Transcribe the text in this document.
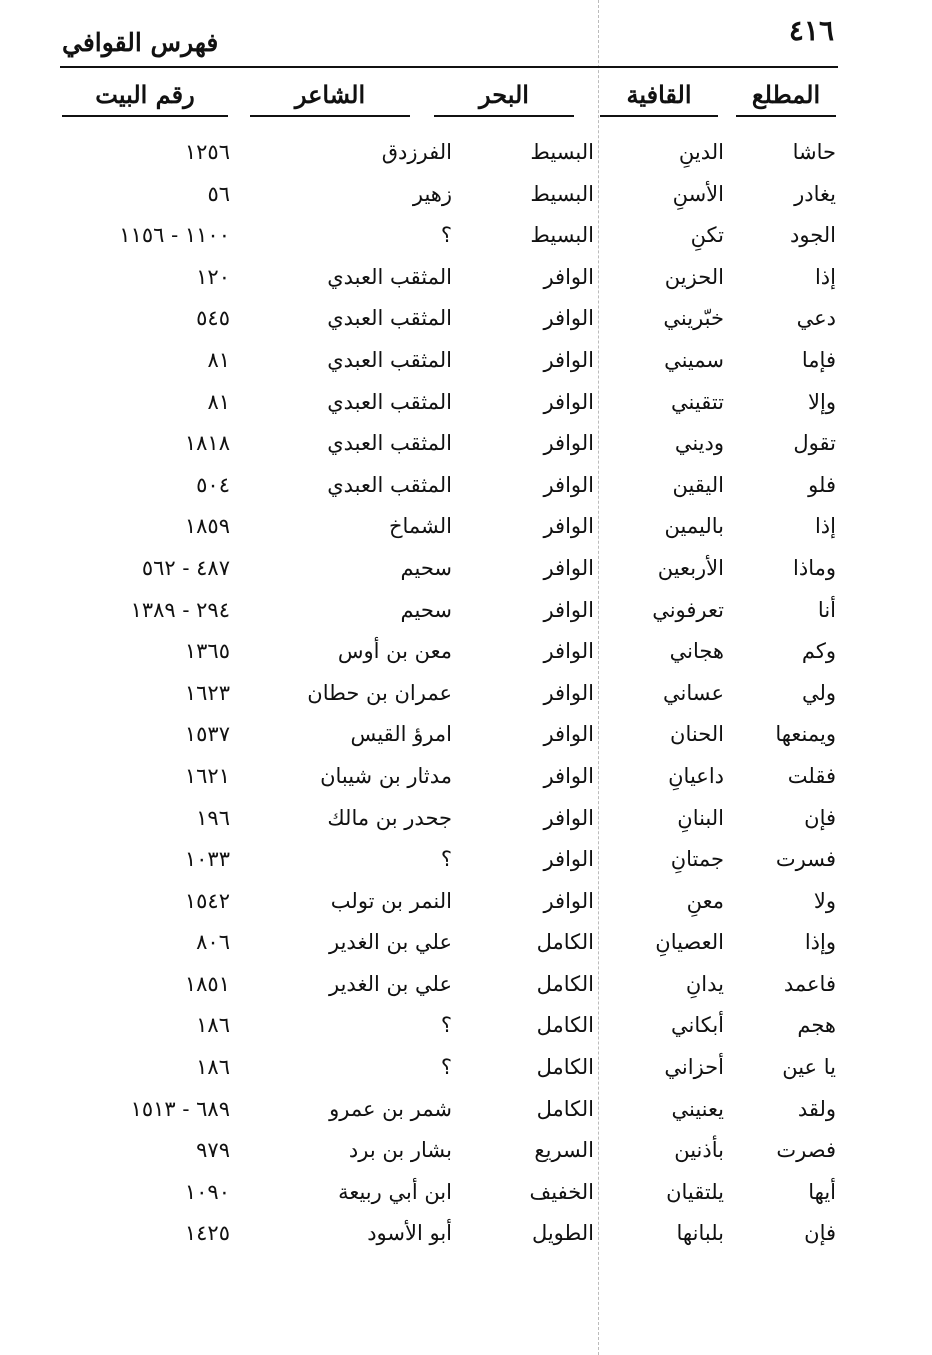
٤١٦
فهرس القوافي
المطلع
القافية
البحر
الشاعر
رقم البيت
حاشا
الدينِ
البسيط
الفرزدق
١٢٥٦
يغادر
الأسنِ
البسيط
زهير
٥٦
الجود
تكنِ
البسيط
؟
١١٠٠ - ١١٥٦
إذا
الحزين
الوافر
المثقب العبدي
١٢٠
دعي
خبّريني
الوافر
المثقب العبدي
٥٤٥
فإما
سميني
الوافر
المثقب العبدي
٨١
وإلا
تتقيني
الوافر
المثقب العبدي
٨١
تقول
وديني
الوافر
المثقب العبدي
١٨١٨
فلو
اليقين
الوافر
المثقب العبدي
٥٠٤
إذا
باليمين
الوافر
الشماخ
١٨٥٩
وماذا
الأربعين
الوافر
سحيم
٤٨٧ - ٥٦٢
أنا
تعرفوني
الوافر
سحيم
٢٩٤ - ١٣٨٩
وكم
هجاني
الوافر
معن بن أوس
١٣٦٥
ولي
عساني
الوافر
عمران بن حطان
١٦٢٣
ويمنعها
الحنان
الوافر
امرؤ القيس
١٥٣٧
فقلت
داعيانِ
الوافر
مدثار بن شيبان
١٦٢١
فإن
البنانِ
الوافر
جحدر بن مالك
١٩٦
فسرت
جمتانِ
الوافر
؟
١٠٣٣
ولا
معنِ
الوافر
النمر بن تولب
١٥٤٢
وإذا
العصيانِ
الكامل
علي بن الغدير
٨٠٦
فاعمد
يدانِ
الكامل
علي بن الغدير
١٨٥١
هجم
أبكاني
الكامل
؟
١٨٦
يا عين
أحزاني
الكامل
؟
١٨٦
ولقد
يعنيني
الكامل
شمر بن عمرو
٦٨٩ - ١٥١٣
فصرت
بأذنين
السريع
بشار بن برد
٩٧٩
أيها
يلتقيان
الخفيف
ابن أبي ربيعة
١٠٩٠
فإن
بلبانها
الطويل
أبو الأسود
١٤٢٥
